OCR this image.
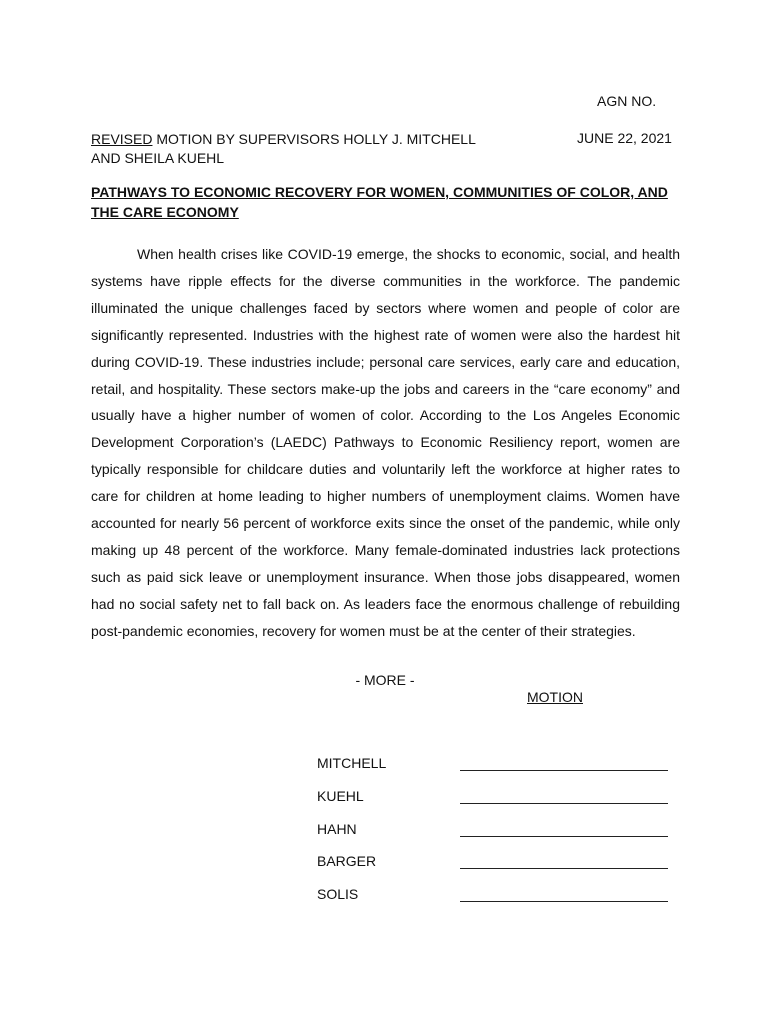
AGN NO.
REVISED MOTION BY SUPERVISORS HOLLY J. MITCHELL
AND SHEILA KUEHL
JUNE 22, 2021
PATHWAYS TO ECONOMIC RECOVERY FOR WOMEN, COMMUNITIES OF COLOR, AND THE CARE ECONOMY

When health crises like COVID-19 emerge, the shocks to economic, social, and health systems have ripple effects for the diverse communities in the workforce. The pandemic illuminated the unique challenges faced by sectors where women and people of color are significantly represented. Industries with the highest rate of women were also the hardest hit during COVID-19. These industries include; personal care services, early care and education, retail, and hospitality. These sectors make-up the jobs and careers in the “care economy” and usually have a higher number of women of color. According to the Los Angeles Economic Development Corporation’s (LAEDC) Pathways to Economic Resiliency report, women are typically responsible for childcare duties and voluntarily left the workforce at higher rates to care for children at home leading to higher numbers of unemployment claims. Women have accounted for nearly 56 percent of workforce exits since the onset of the pandemic, while only making up 48 percent of the workforce. Many female-dominated industries lack protections such as paid sick leave or unemployment insurance. When those jobs disappeared, women had no social safety net to fall back on. As leaders face the enormous challenge of rebuilding post-pandemic economies, recovery for women must be at the center of their strategies.

- MORE -
MOTION
MITCHELL
KUEHL
HAHN
BARGER
SOLIS
